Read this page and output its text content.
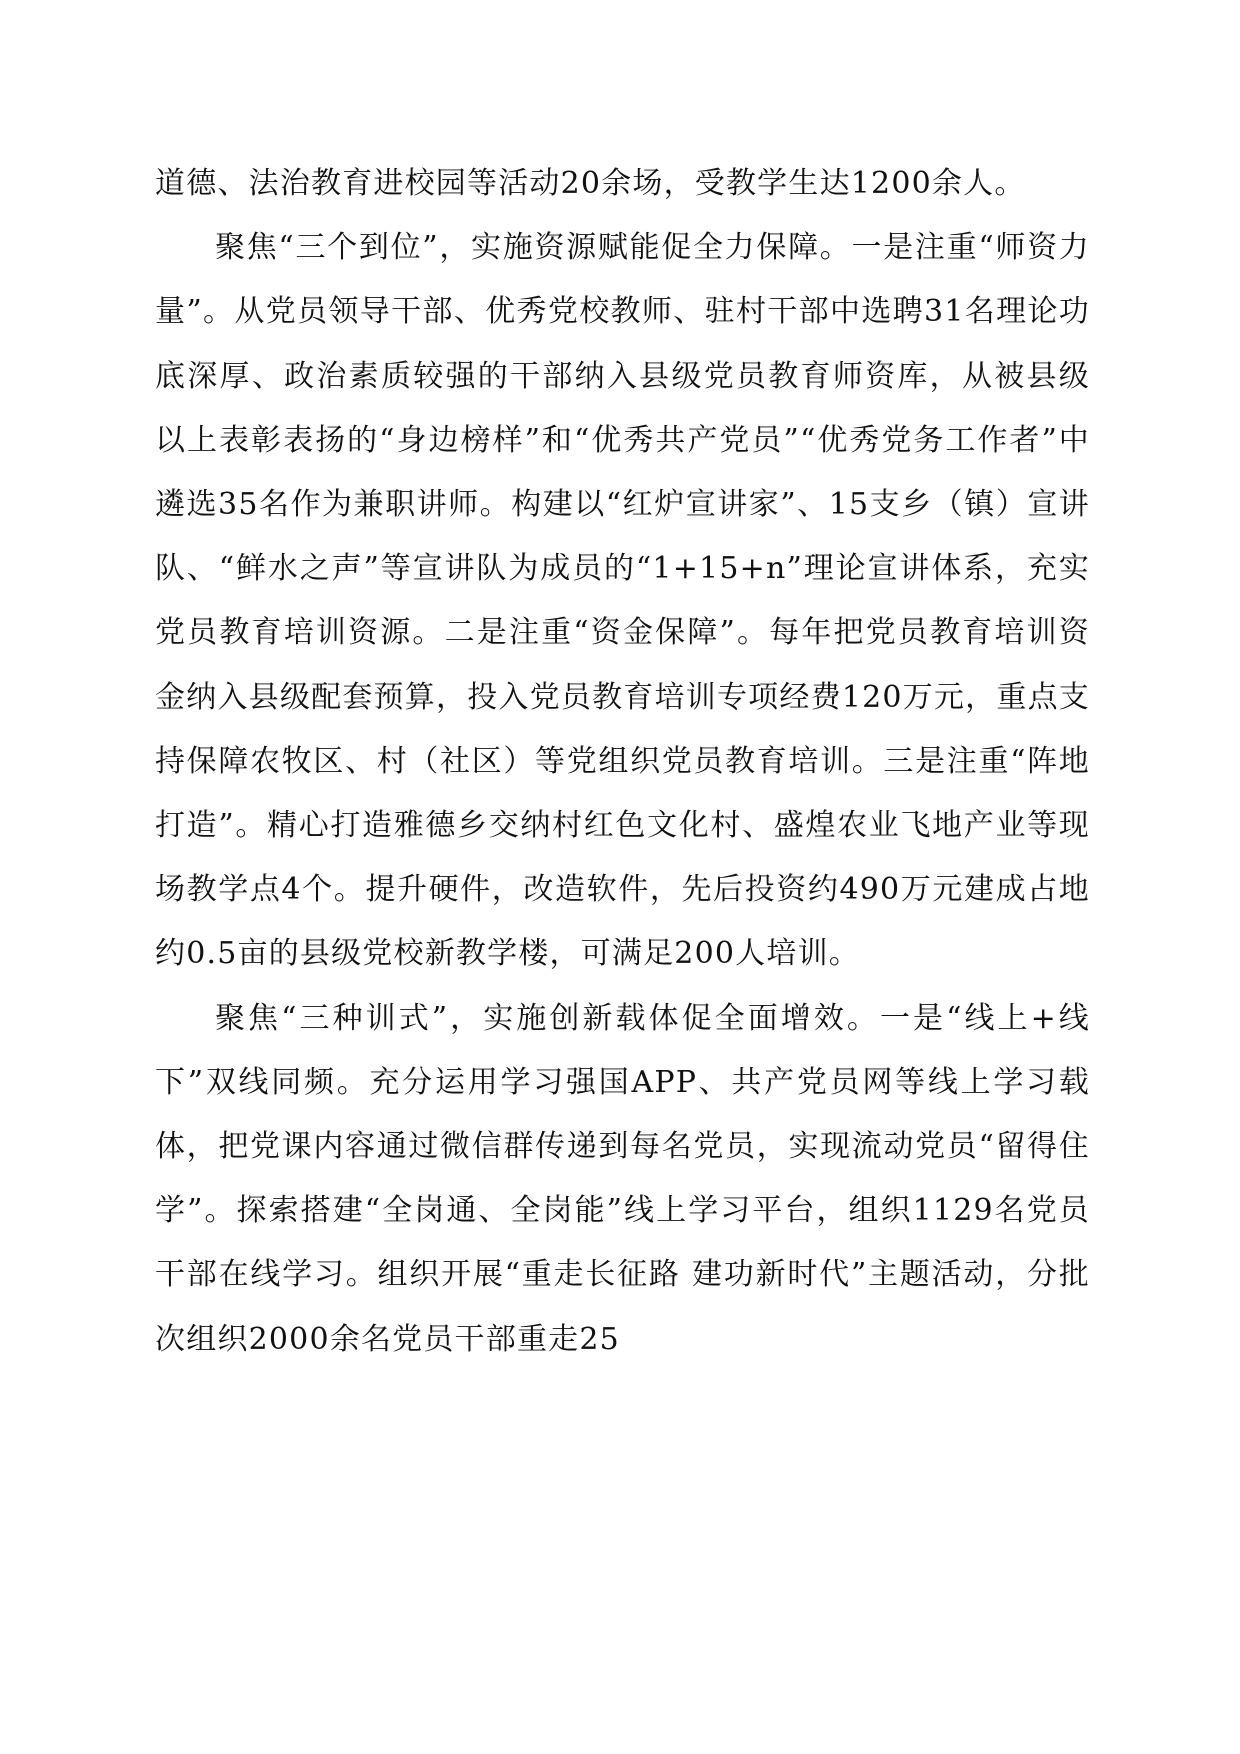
道德、法治教育进校园等活动20余场，受教学生达1200余人。

聚焦“三个到位”，实施资源赋能促全力保障。一是注重“师资力量”。从党员领导干部、优秀党校教师、驻村干部中选聘31名理论功底深厚、政治素质较强的干部纳入县级党员教育师资库，从被县级以上表彰表扬的“身边榜样”和“优秀共产党员”“优秀党务工作者”中遴选35名作为兼职讲师。构建以“红炉宣讲家”、15支乡（镇）宣讲队、“鲜水之声”等宣讲队为成员的“1+15+n”理论宣讲体系，充实党员教育培训资源。二是注重“资金保障”。每年把党员教育培训资金纳入县级配套预算，投入党员教育培训专项经费120万元，重点支持保障农牧区、村（社区）等党组织党员教育培训。三是注重“阵地打造”。精心打造雅德乡交纳村红色文化村、盛煌农业飞地产业等现场教学点4个。提升硬件，改造软件，先后投资约490万元建成占地约0.5亩的县级党校新教学楼，可满足200人培训。

聚焦“三种训式”，实施创新载体促全面增效。一是“线上+线下”双线同频。充分运用学习强国APP、共产党员网等线上学习载体，把党课内容通过微信群传递到每名党员，实现流动党员“留得住学”。探索搭建“全岗通、全岗能”线上学习平台，组织1129名党员干部在线学习。组织开展“重走长征路 建功新时代”主题活动，分批次组织2000余名党员干部重走25
